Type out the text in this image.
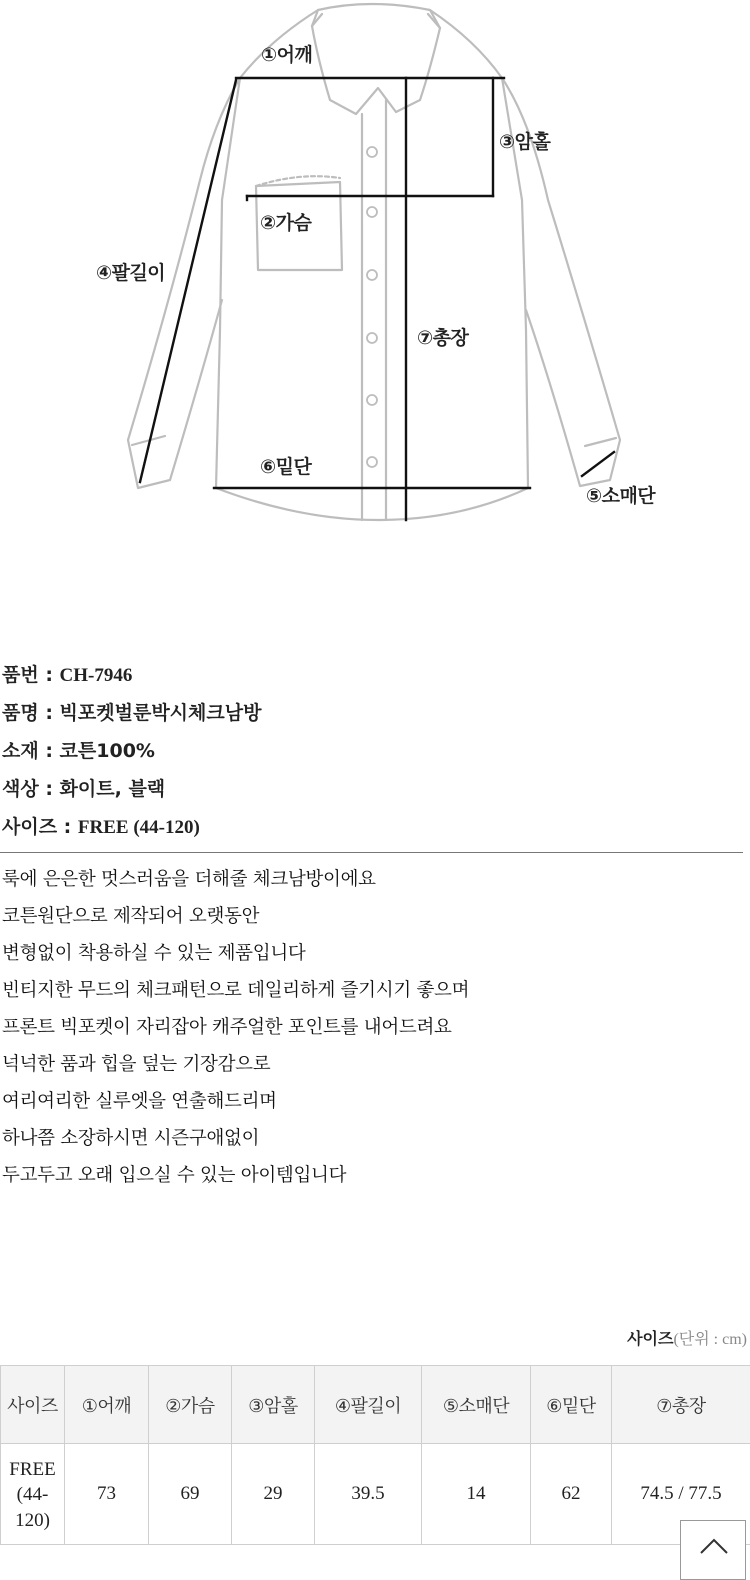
①어깨
③암홀
②가슴
④팔길이
⑦총장
⑥밑단
⑤소매단
품번 : CH-7946
품명 : 빅포켓벌룬박시체크남방
소재 : 코튼100%
색상 : 화이트, 블랙
사이즈 : FREE (44-120)
룩에 은은한 멋스러움을 더해줄 체크남방이에요
코튼원단으로 제작되어 오랫동안
변형없이 착용하실 수 있는 제품입니다
빈티지한 무드의 체크패턴으로 데일리하게 즐기시기 좋으며
프론트 빅포켓이 자리잡아 캐주얼한 포인트를 내어드려요
넉넉한 품과 힙을 덮는 기장감으로
여리여리한 실루엣을 연출해드리며
하나쯤 소장하시면 시즌구애없이
두고두고 오래 입으실 수 있는 아이템입니다
사이즈(단위 : cm)
사이즈	①어깨	②가슴	③암홀	④팔길이	⑤소매단	⑥밑단	⑦총장
FREE (44-120)	73	69	29	39.5	14	62	74.5 / 77.5
